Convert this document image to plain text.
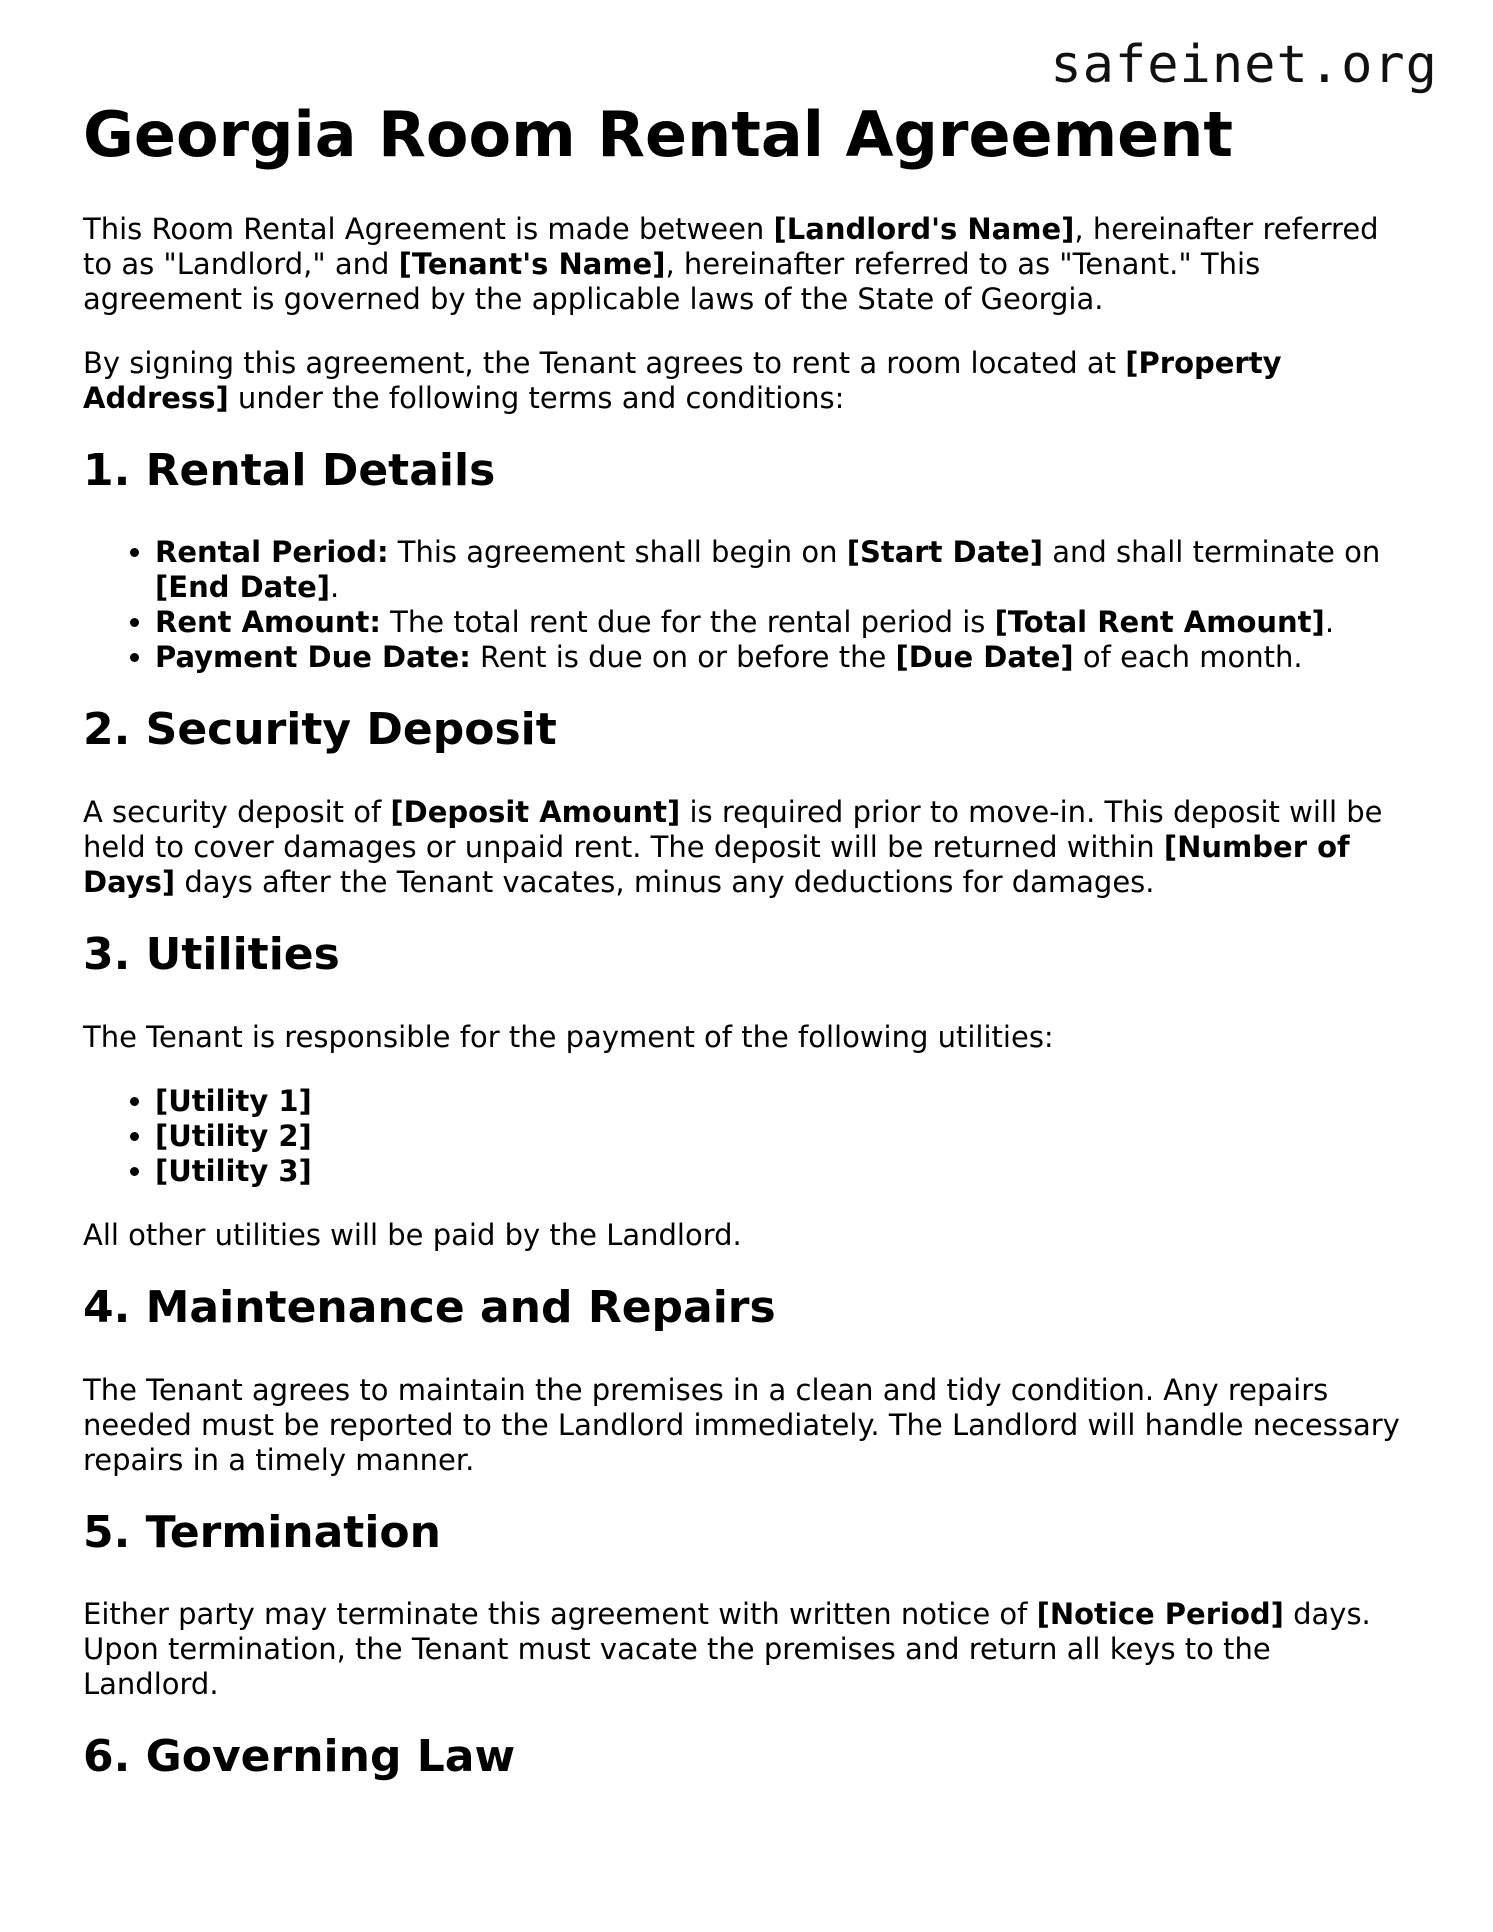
safeinet.org

Georgia Room Rental Agreement

This Room Rental Agreement is made between [Landlord's Name], hereinafter referred to as "Landlord," and [Tenant's Name], hereinafter referred to as "Tenant." This agreement is governed by the applicable laws of the State of Georgia.

By signing this agreement, the Tenant agrees to rent a room located at [Property Address] under the following terms and conditions:

1. Rental Details
• Rental Period: This agreement shall begin on [Start Date] and shall terminate on [End Date].
• Rent Amount: The total rent due for the rental period is [Total Rent Amount].
• Payment Due Date: Rent is due on or before the [Due Date] of each month.
2. Security Deposit

A security deposit of [Deposit Amount] is required prior to move-in. This deposit will be held to cover damages or unpaid rent. The deposit will be returned within [Number of Days] days after the Tenant vacates, minus any deductions for damages.

3. Utilities

The Tenant is responsible for the payment of the following utilities:

• [Utility 1]
• [Utility 2]
• [Utility 3]

All other utilities will be paid by the Landlord.

4. Maintenance and Repairs

The Tenant agrees to maintain the premises in a clean and tidy condition. Any repairs needed must be reported to the Landlord immediately. The Landlord will handle necessary repairs in a timely manner.

5. Termination

Either party may terminate this agreement with written notice of [Notice Period] days. Upon termination, the Tenant must vacate the premises and return all keys to the Landlord.

6. Governing Law
